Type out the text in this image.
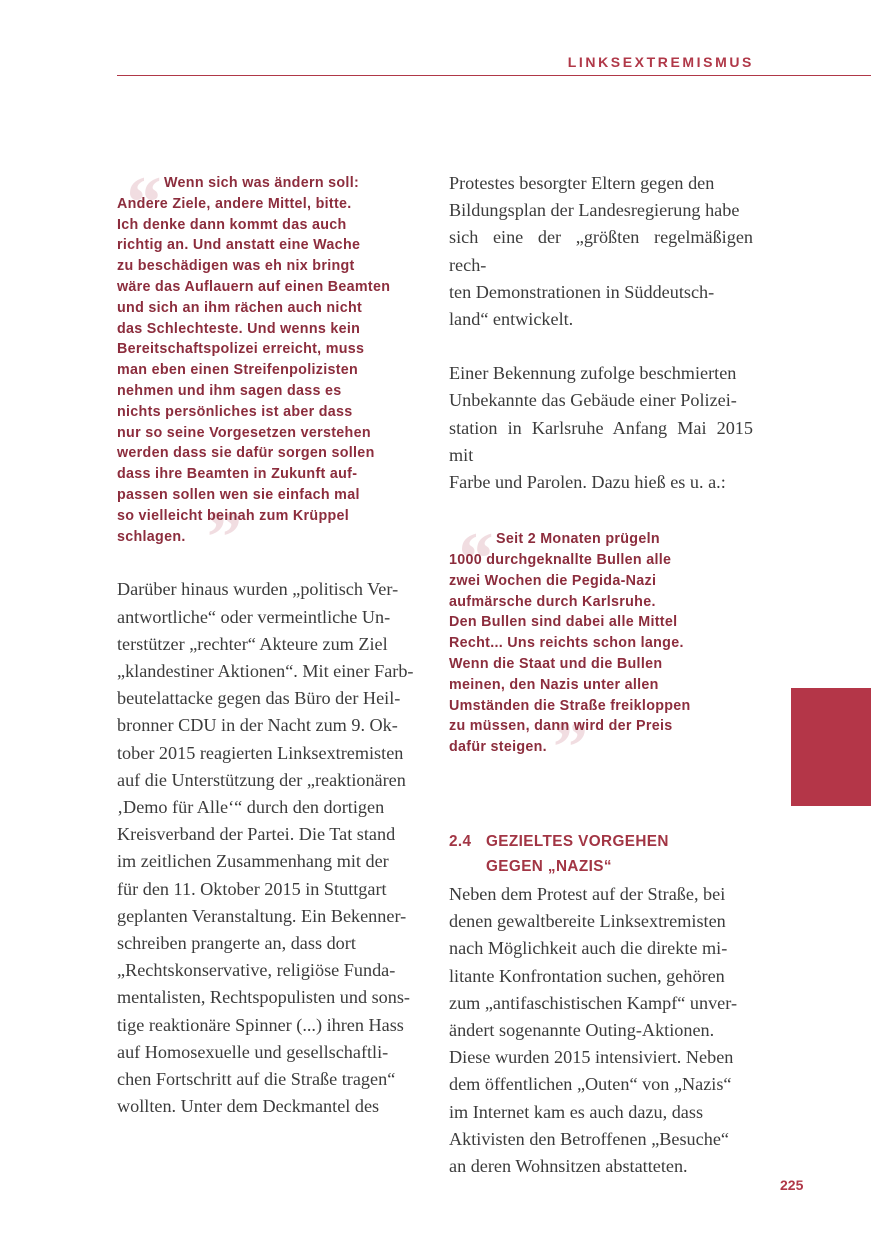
LINKSEXTREMISMUS
“
”

Wenn sich was ändern soll:
Andere Ziele, andere Mittel, bitte.
Ich denke dann kommt das auch
richtig an. Und anstatt eine Wache
zu beschädigen was eh nix bringt
wäre das Auflauern auf einen Beamten
und sich an ihm rächen auch nicht
das Schlechteste. Und wenns kein
Bereitschaftspolizei erreicht, muss
man eben einen Streifenpolizisten
nehmen und ihm sagen dass es
nichts persönliches ist aber dass
nur so seine Vorgesetzen verstehen
werden dass sie dafür sorgen sollen
dass ihre Beamten in Zukunft auf-
passen sollen wen sie einfach mal
so vielleicht beinah zum Krüppel
schlagen.

Darüber hinaus wurden „politisch Ver-
antwortliche“ oder vermeintliche Un-
terstützer „rechter“ Akteure zum Ziel
„klandestiner Aktionen“. Mit einer Farb-
beutelattacke gegen das Büro der Heil-
bronner CDU in der Nacht zum 9. Ok-
tober 2015 reagierten Linksextremisten
auf die Unterstützung der „reaktionären
‚Demo für Alle‘“ durch den dortigen
Kreisverband der Partei. Die Tat stand
im zeitlichen Zusammenhang mit der
für den 11. Oktober 2015 in Stuttgart
geplanten Veranstaltung. Ein Bekenner-
schreiben prangerte an, dass dort
„Rechtskonservative, religiöse Funda-
mentalisten, Rechtspopulisten und sons-
tige reaktionäre Spinner (...) ihren Hass
auf Homosexuelle und gesellschaftli-
chen Fortschritt auf die Straße tragen“
wollten. Unter dem Deckmantel des

Protestes besorgter Eltern gegen den
Bildungsplan der Landesregierung habe
sich eine der „größten regelmäßigen rech-
ten Demonstrationen in Süddeutsch-
land“ entwickelt.

Einer Bekennung zufolge beschmierten
Unbekannte das Gebäude einer Polizei-
station in Karlsruhe Anfang Mai 2015 mit
Farbe und Parolen. Dazu hieß es u. a.:

“
”

Seit 2 Monaten prügeln
1000 durchgeknallte Bullen alle
zwei Wochen die Pegida-Nazi
aufmärsche durch Karlsruhe.
Den Bullen sind dabei alle Mittel
Recht... Uns reichts schon lange.
Wenn die Staat und die Bullen
meinen, den Nazis unter allen
Umständen die Straße freikloppen
zu müssen, dann wird der Preis
dafür steigen.

2.4 GEZIELTES VORGEHEN
GEGEN „NAZIS“

Neben dem Protest auf der Straße, bei
denen gewaltbereite Linksextremisten
nach Möglichkeit auch die direkte mi-
litante Konfrontation suchen, gehören
zum „antifaschistischen Kampf“ unver-
ändert sogenannte Outing-Aktionen.
Diese wurden 2015 intensiviert. Neben
dem öffentlichen „Outen“ von „Nazis“
im Internet kam es auch dazu, dass
Aktivisten den Betroffenen „Besuche“
an deren Wohnsitzen abstatteten.

225
